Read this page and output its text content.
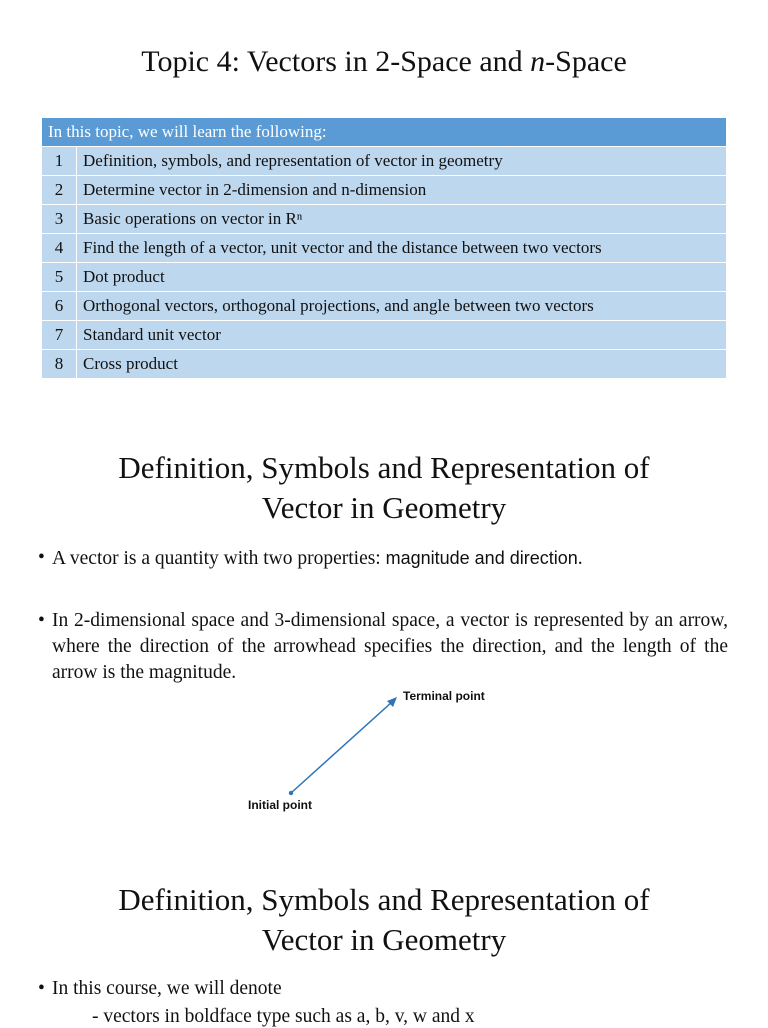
Topic 4: Vectors in 2-Space and n-Space
In this topic, we will learn the following:	
1	Definition, symbols, and representation of vector in geometry
2	Determine vector in 2-dimension and n-dimension
3	Basic operations on vector in Rⁿ
4	Find the length of a vector, unit vector and the distance between two vectors
5	Dot product
6	Orthogonal vectors, orthogonal projections, and angle between two vectors
7	Standard unit vector
8	Cross product
Definition, Symbols and Representation of
Vector in Geometry
• A vector is a quantity with two properties: magnitude and direction.
• In 2-dimensional space and 3-dimensional space, a vector is represented by an arrow, where the direction of the arrowhead specifies the direction, and the length of the arrow is the magnitude.
Terminal point
Initial point
Definition, Symbols and Representation of
Vector in Geometry
• In this course, we will denote
- vectors in boldface type such as a, b, v, w and x
